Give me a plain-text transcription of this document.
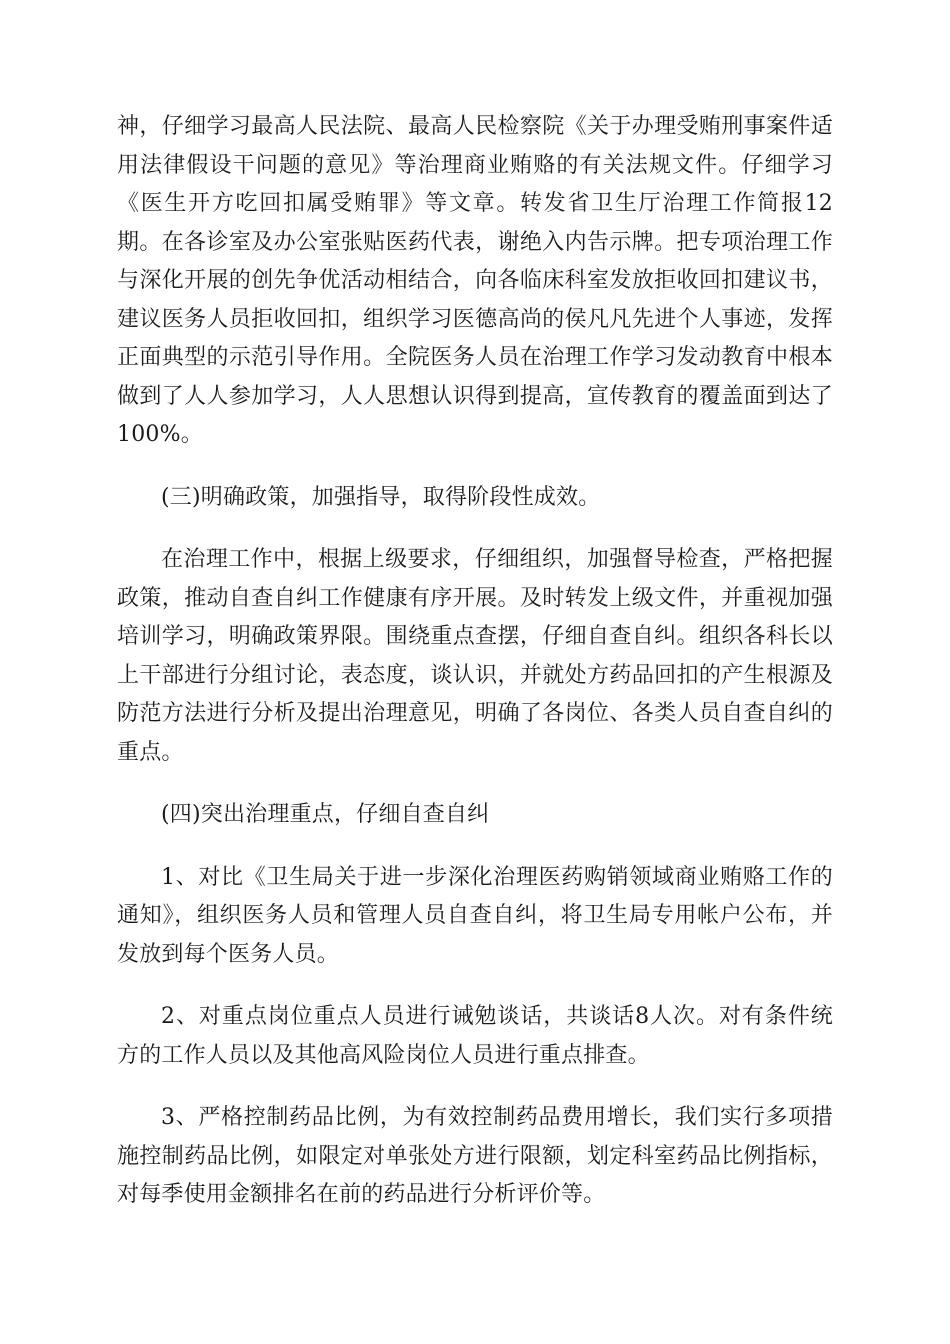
神，仔细学习最高人民法院、最高人民检察院《关于办理受贿刑事案件适用法律假设干问题的意见》等治理商业贿赂的有关法规文件。仔细学习《医生开方吃回扣属受贿罪》等文章。转发省卫生厅治理工作简报12期。在各诊室及办公室张贴医药代表，谢绝入内告示牌。把专项治理工作与深化开展的创先争优活动相结合，向各临床科室发放拒收回扣建议书，建议医务人员拒收回扣，组织学习医德高尚的侯凡凡先进个人事迹，发挥正面典型的示范引导作用。全院医务人员在治理工作学习发动教育中根本做到了人人参加学习，人人思想认识得到提高，宣传教育的覆盖面到达了100%。

(三)明确政策，加强指导，取得阶段性成效。

在治理工作中，根据上级要求，仔细组织，加强督导检查，严格把握政策，推动自查自纠工作健康有序开展。及时转发上级文件，并重视加强培训学习，明确政策界限。围绕重点查摆，仔细自查自纠。组织各科长以上干部进行分组讨论，表态度，谈认识，并就处方药品回扣的产生根源及防范方法进行分析及提出治理意见，明确了各岗位、各类人员自查自纠的重点。

(四)突出治理重点，仔细自查自纠

1、对比《卫生局关于进一步深化治理医药购销领域商业贿赂工作的通知》，组织医务人员和管理人员自查自纠，将卫生局专用帐户公布，并发放到每个医务人员。

2、对重点岗位重点人员进行诫勉谈话，共谈话8人次。对有条件统方的工作人员以及其他高风险岗位人员进行重点排查。

3、严格控制药品比例，为有效控制药品费用增长，我们实行多项措施控制药品比例，如限定对单张处方进行限额，划定科室药品比例指标，对每季使用金额排名在前的药品进行分析评价等。
